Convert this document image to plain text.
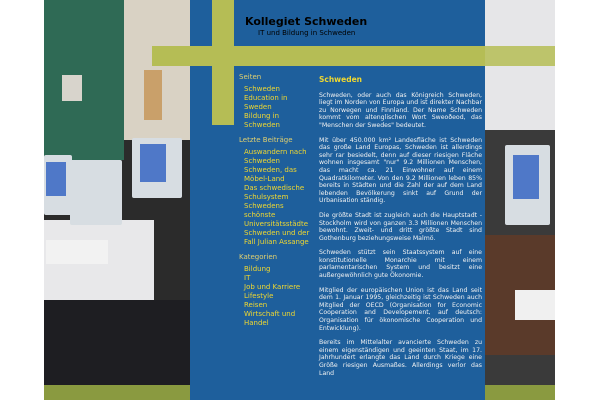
Kollegiet Schweden
IT und Bildung in Schweden
Seiten
Schweden
Education in Sweden
Bildung in Schweden
Letzte Beiträge
Auswandern nach Schweden
Schweden, das Möbel-Land
Das schwedische Schulsystem
Schwedens schönste Universitätsstädte
Schweden und der Fall Julian Assange
Kategorien
Bildung
IT
Job und Karriere
Lifestyle
Reisen
Wirtschaft und Handel
Schweden

Schweden, oder auch das Königreich Schweden, liegt im Norden von Europa und ist direkter Nachbar zu Norwegen und Finnland. Der Name Schweden kommt vom altenglischen Wort Sweoðeod, das "Menschen der Swedes" bedeutet.

Mit über 450.000 km² Landesfläche ist Schweden das große Land Europas, Schweden ist allerdings sehr rar besiedelt, denn auf dieser riesigen Fläche wohnen insgesamt "nur" 9.2 Millionen Menschen, das macht ca. 21 Einwohner auf einem Quadratkilometer. Von den 9.2 Millionen leben 85% bereits in Städten und die Zahl der auf dem Land lebenden Bevölkerung sinkt auf Grund der Urbanisation ständig.

Die größte Stadt ist zugleich auch die Hauptstadt - Stockholm wird von ganzen 3.3 Millionen Menschen bewohnt. Zweit- und dritt größte Stadt sind Gothenburg beziehungsweise Malmö.

Schweden stützt sein Staatssystem auf eine konstitutionelle Monarchie mit einem parlamentarischen System und besitzt eine außergewöhnlich gute Ökonomie.

Mitglied der europäischen Union ist das Land seit dem 1. Januar 1995, gleichzeitig ist Schweden auch Mitglied der OECD (Organisation for Economic Cooperation and Developement, auf deutsch: Organisation für ökonomische Cooperation und Entwicklung).

Bereits im Mittelalter avancierte Schweden zu einem eigenständigen und geeinten Staat, im 17. Jahrhundert erlangte das Land durch Kriege eine Größe riesigen Ausmaßes. Allerdings verlor das Land
